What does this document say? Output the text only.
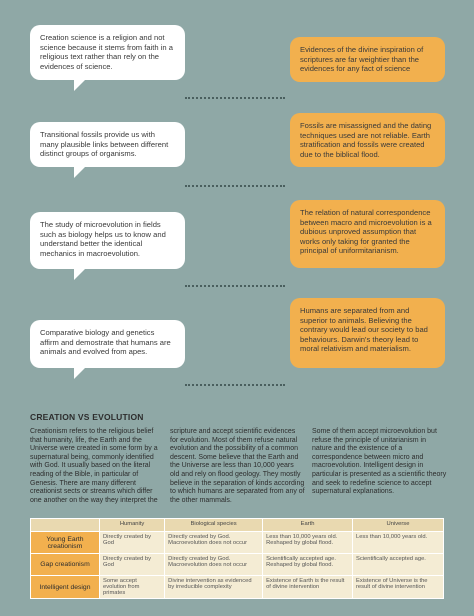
Creation science is a religion and not science because it stems from faith in a religious text rather than rely on the evidences of science.
Evidences of the divine inspiration of scriptures are far weightier than the evidences for any fact of science
Transitional fossils provide us with many plausible links between different distinct groups of organisms.
Fossils are misassigned and the dating techniques used are not reliable. Earth stratification and fossils were created due to the biblical flood.
The study of microevolution in fields such as biology helps us to know and understand better the identical mechanics in macroevolution.
The relation of natural correspondence between macro and microevolution is a dubious unproved assumption that works only taking for granted the principal of uniformitarianism.
Comparative biology and genetics affirm and demostrate that humans are animals and evolved from apes.
Humans are separated from and superior to animals. Believing the contrary would lead our society to bad behaviours. Darwin's theory lead to moral relativism and materialism.
CREATION VS EVOLUTION
Creationism refers to the religious belief that humanity, life, the Earth and the Universe were created in some form by a supernatural being, commonly identified with God. It usually based on the literal reading of the Bible, in particular of Genesis. There are many different creationist sects or streams which differ one another on the way they interpret the
scripture and accept scientific evidences for evolution. Most of them refuse natural evolution and the possibility of a common descent. Some believe that the Earth and the Universe are less than 10,000 years old and rely on flood geology. They mostly believe in the separation of kinds according to which humans are separated from any of the other mammals.
Some of them accept microevolution but refuse the principle of unitarianism in nature and the existence of a correspondence between micro and macroevolution. Intelligent design in particular is presented as a scientific theory and seek to redefine science to accept supernatural explanations.
	Humanity	Biological species	Earth	Universe
Young Earth creationism	Directly created by God	Directly created by God. Macroevolution does not occur	Less than 10,000 years old. Reshaped by global flood.	Less than 10,000 years old.
Gap creationism	Directly created by God	Directly created by God. Macroevolution does not occur	Scientifically accepted age. Reshaped by global flood.	Scientifically accepted age.
Intelligent design	Some accept evolution from primates	Divine intervention as evidenced by irreducible complexity	Existence of Earth is the result of divine intervention	Existence of Universe is the result of divine intervention
